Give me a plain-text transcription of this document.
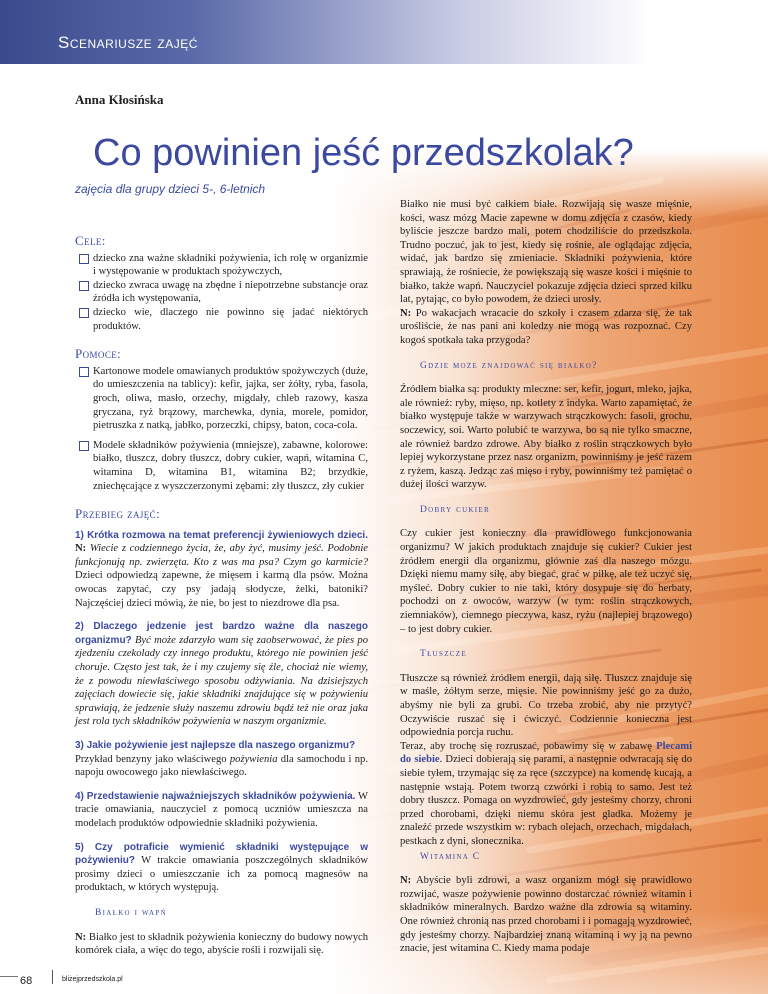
Scenariusze zajęć
Anna Kłosińska
Co powinien jeść przedszkolak?
zajęcia dla grupy dzieci 5-, 6-letnich
Cele:
dziecko zna ważne składniki pożywienia, ich rolę w organizmie i występowanie w produktach spożywczych,
dziecko zwraca uwagę na zbędne i niepotrzebne substancje oraz źródła ich występowania,
dziecko wie, dlaczego nie powinno się jadać niektórych produktów.
Pomoce:
Kartonowe modele omawianych produktów spożywczych (duże, do umieszczenia na tablicy): kefir, jajka, ser żółty, ryba, fasola, groch, oliwa, masło, orzechy, migdały, chleb razowy, kasza gryczana, ryż brązowy, marchewka, dynia, morele, pomidor, pietruszka z natką, jabłko, porzeczki, chipsy, baton, coca-cola.
Modele składników pożywienia (mniejsze), zabawne, kolorowe: białko, tłuszcz, dobry tłuszcz, dobry cukier, wapń, witamina C, witamina D, witamina B1, witamina B2; brzydkie, zniechęcające z wyszczerzonymi zębami: zły tłuszcz, zły cukier
Przebieg zajęć:

1) Krótka rozmowa na temat preferencji żywieniowych dzieci. N: Wiecie z codziennego życia, że, aby żyć, musimy jeść. Podobnie funkcjonują np. zwierzęta. Kto z was ma psa? Czym go karmicie? Dzieci odpowiedzą zapewne, że mięsem i karmą dla psów. Można owocas zapytać, czy psy jadają słodycze, żelki, batoniki? Najczęściej dzieci mówią, że nie, bo jest to niezdrowe dla psa.

2) Dlaczego jedzenie jest bardzo ważne dla naszego organizmu? Być może zdarzyło wam się zaobserwować, że pies po zjedzeniu czekolady czy innego produktu, którego nie powinien jeść choruje. Często jest tak, że i my czujemy się źle, chociaż nie wiemy, że z powodu niewłaściwego sposobu odżywiania. Na dzisiejszych zajęciach dowiecie się, jakie składniki znajdujące się w pożywieniu sprawiają, że jedzenie służy naszemu zdrowiu bądź też nie oraz jaka jest rola tych składników pożywienia w naszym organizmie.

3) Jakie pożywienie jest najlepsze dla naszego organizmu?
Przykład benzyny jako właściwego pożywienia dla samochodu i np. napoju owocowego jako niewłaściwego.

4) Przedstawienie najważniejszych składników pożywienia. W tracie omawiania, nauczyciel z pomocą uczniów umieszcza na modelach produktów odpowiednie składniki pożywienia.

5) Czy potraficie wymienić składniki występujące w pożywieniu? W trakcie omawiania poszczególnych składników prosimy dzieci o umieszczanie ich za pomocą magnesów na produktach, w których występują.

Białko i wapń

N: Białko jest to składnik pożywienia konieczny do budowy nowych komórek ciała, a więc do tego, abyście rośli i rozwijali się.

Białko nie musi być całkiem białe. Rozwijają się wasze mięśnie, kości, wasz mózg Macie zapewne w domu zdjęcia z czasów, kiedy byliście jeszcze bardzo mali, potem chodziliście do przedszkola. Trudno poczuć, jak to jest, kiedy się rośnie, ale oglądając zdjęcia, widać, jak bardzo się zmieniacie. Składniki pożywienia, które sprawiają, że rośniecie, że powiększają się wasze kości i mięśnie to białko, także wapń. Nauczyciel pokazuje zdjęcia dzieci sprzed kilku lat, pytając, co było powodem, że dzieci urosły.

N: Po wakacjach wracacie do szkoły i czasem zdarza się, że tak urośliście, że nas pani ani koledzy nie mogą was rozpoznać. Czy kogoś spotkała taka przygoda?

Gdzie może znajdować się białko?

Źródłem białka są: produkty mleczne: ser, kefir, jogurt, mleko, jajka, ale również: ryby, mięso, np. kotlety z indyka. Warto zapamiętać, że białko występuje także w warzywach strączkowych: fasoli, grochu, soczewicy, soi. Warto polubić te warzywa, bo są nie tylko smaczne, ale również bardzo zdrowe. Aby białko z roślin strączkowych było lepiej wykorzystane przez nasz organizm, powinniśmy je jeść razem z ryżem, kaszą. Jedząc zaś mięso i ryby, powinniśmy też pamiętać o dużej ilości warzyw.

Dobry cukier

Czy cukier jest konieczny dla prawidłowego funkcjonowania organizmu? W jakich produktach znajduje się cukier? Cukier jest źródłem energii dla organizmu, głównie zaś dla naszego mózgu. Dzięki niemu mamy siłę, aby biegać, grać w piłkę, ale też uczyć się, myśleć. Dobry cukier to nie taki, który dosypuje się do herbaty, pochodzi on z owoców, warzyw (w tym: roślin strączkowych, ziemniaków), ciemnego pieczywa, kasz, ryżu (najlepiej brązowego) – to jest dobry cukier.

Tłuszcze

Tłuszcze są również źródłem energii, dają siłę. Tłuszcz znajduje się w maśle, żółtym serze, mięsie. Nie powinniśmy jeść go za dużo, abyśmy nie byli za grubi. Co trzeba zrobić, aby nie przytyć? Oczywiście ruszać się i ćwiczyć. Codziennie konieczna jest odpowiednia porcja ruchu.
Teraz, aby trochę się rozruszać, pobawimy się w zabawę Plecami do siebie. Dzieci dobierają się parami, a następnie odwracają się do siebie tyłem, trzymając się za ręce (szczypce) na komendę kucają, a następnie wstają. Potem tworzą czwórki i robią to samo. Jest też dobry tłuszcz. Pomaga on wyzdrowieć, gdy jesteśmy chorzy, chroni przed chorobami, dzięki niemu skóra jest gładka. Możemy je znaleźć przede wszystkim w: rybach olejach, orzechach, migdałach, pestkach z dyni, słonecznika.

Witamina C

N: Abyście byli zdrowi, a wasz organizm mógł się prawidłowo rozwijać, wasze pożywienie powinno dostarczać również witamin i składników mineralnych. Bardzo ważne dla zdrowia są witaminy. One również chronią nas przed chorobami i i pomagają wyzdrowieć, gdy jesteśmy chorzy. Najbardziej znaną witaminą i wy ją na pewno znacie, jest witamina C. Kiedy mama podaje

68	bliżejprzedszkola.pl
